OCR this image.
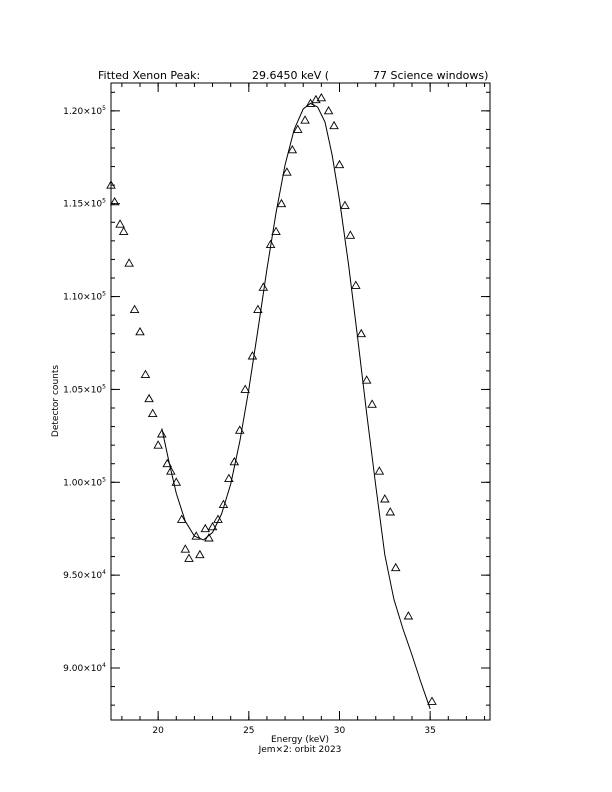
Fitted Xenon Peak:	29.6450 keV (	77 Science windows)
20	25	30	35
$9.00\times 10^4$
$9.50\times 10^4$
$1.00\times 10^5$
$1.05\times 10^5$
$1.10\times 10^5$
$1.15\times 10^5$
$1.20\times 10^5$
Energy (keV)
Jem×2: orbit 2023
Detector counts
